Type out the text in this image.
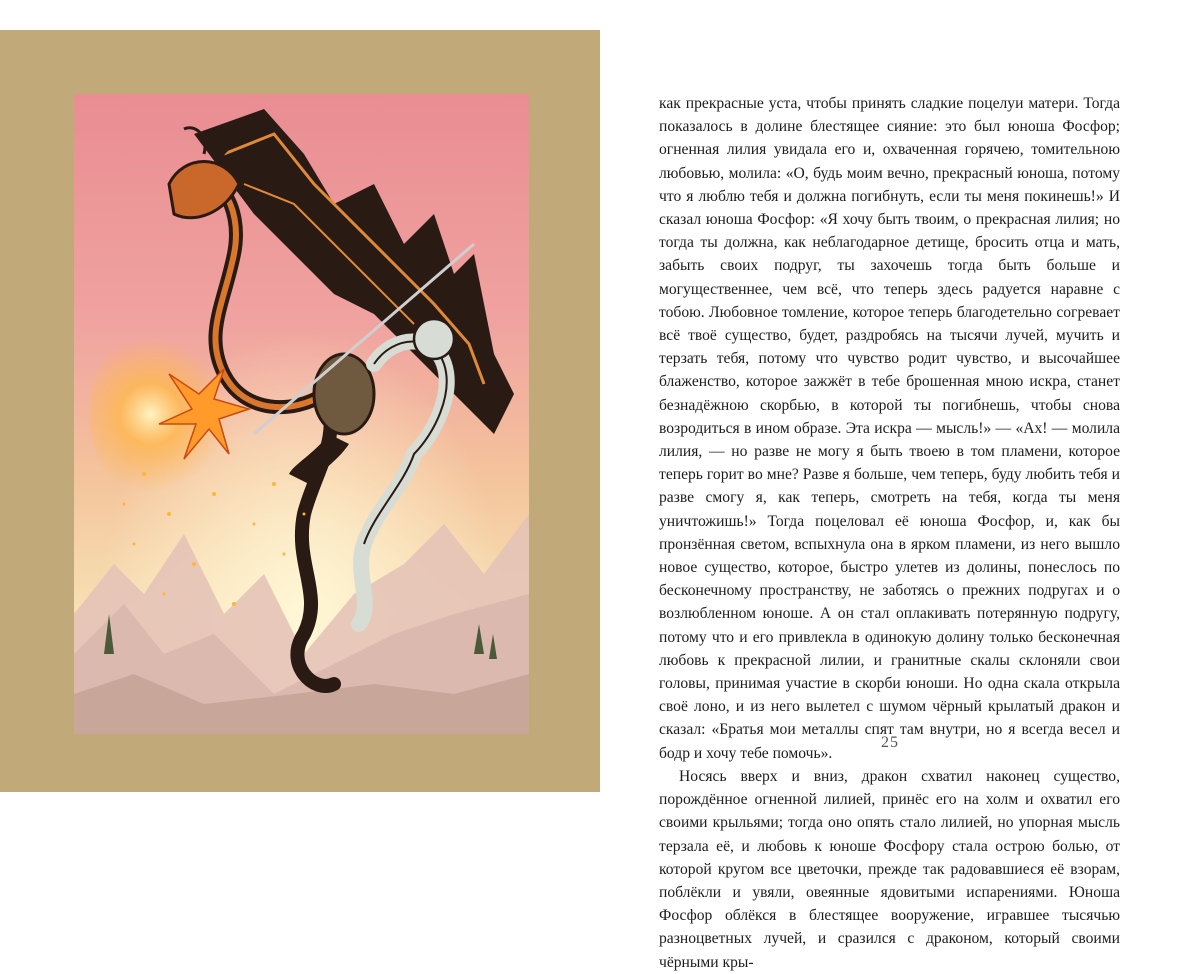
как прекрасные уста, чтобы принять сладкие поцелуи матери. Тогда показалось в долине блестящее сияние: это был юноша Фосфор; огненная лилия увидала его и, охваченная горячею, томительною любовью, молила: «О, будь моим вечно, прекрасный юноша, потому что я люблю тебя и должна погибнуть, если ты меня покинешь!» И сказал юноша Фосфор: «Я хочу быть твоим, о прекрасная лилия; но тогда ты должна, как неблагодарное детище, бросить отца и мать, забыть своих подруг, ты захочешь тогда быть больше и могущественнее, чем всё, что теперь здесь радуется наравне с тобою. Любовное томление, которое теперь благодетельно согревает всё твоё существо, будет, раздробясь на тысячи лучей, мучить и терзать тебя, потому что чувство родит чувство, и высочайшее блаженство, которое зажжёт в тебе брошенная мною искра, станет безнадёжною скорбью, в которой ты погибнешь, чтобы снова возродиться в ином образе. Эта искра — мысль!» — «Ах! — молила лилия, — но разве не могу я быть твоею в том пламени, которое теперь горит во мне? Разве я больше, чем теперь, буду любить тебя и разве смогу я, как теперь, смотреть на тебя, когда ты меня уничтожишь!» Тогда поцеловал её юноша Фосфор, и, как бы пронзённая светом, вспыхнула она в ярком пламени, из него вышло новое существо, которое, быстро улетев из долины, понеслось по бесконечному пространству, не заботясь о прежних подругах и о возлюбленном юноше. А он стал оплакивать потерянную подругу, потому что и его привлекла в одинокую долину только бесконечная любовь к прекрасной лилии, и гранитные скалы склоняли свои головы, принимая участие в скорби юноши. Но одна скала открыла своё лоно, и из него вылетел с шумом чёрный крылатый дракон и сказал: «Братья мои металлы спят там внутри, но я всегда весел и бодр и хочу тебе помочь».

Носясь вверх и вниз, дракон схватил наконец существо, порождённое огненной лилией, принёс его на холм и охватил его своими крыльями; тогда оно опять стало лилией, но упорная мысль терзала её, и любовь к юноше Фосфору стала острою болью, от которой кругом все цветочки, прежде так радовавшиеся её взорам, поблёкли и увяли, овеянные ядовитыми испарениями. Юноша Фосфор облёкся в блестящее вооружение, игравшее тысячью разноцветных лучей, и сразился с драконом, который своими чёрными кры-

25
